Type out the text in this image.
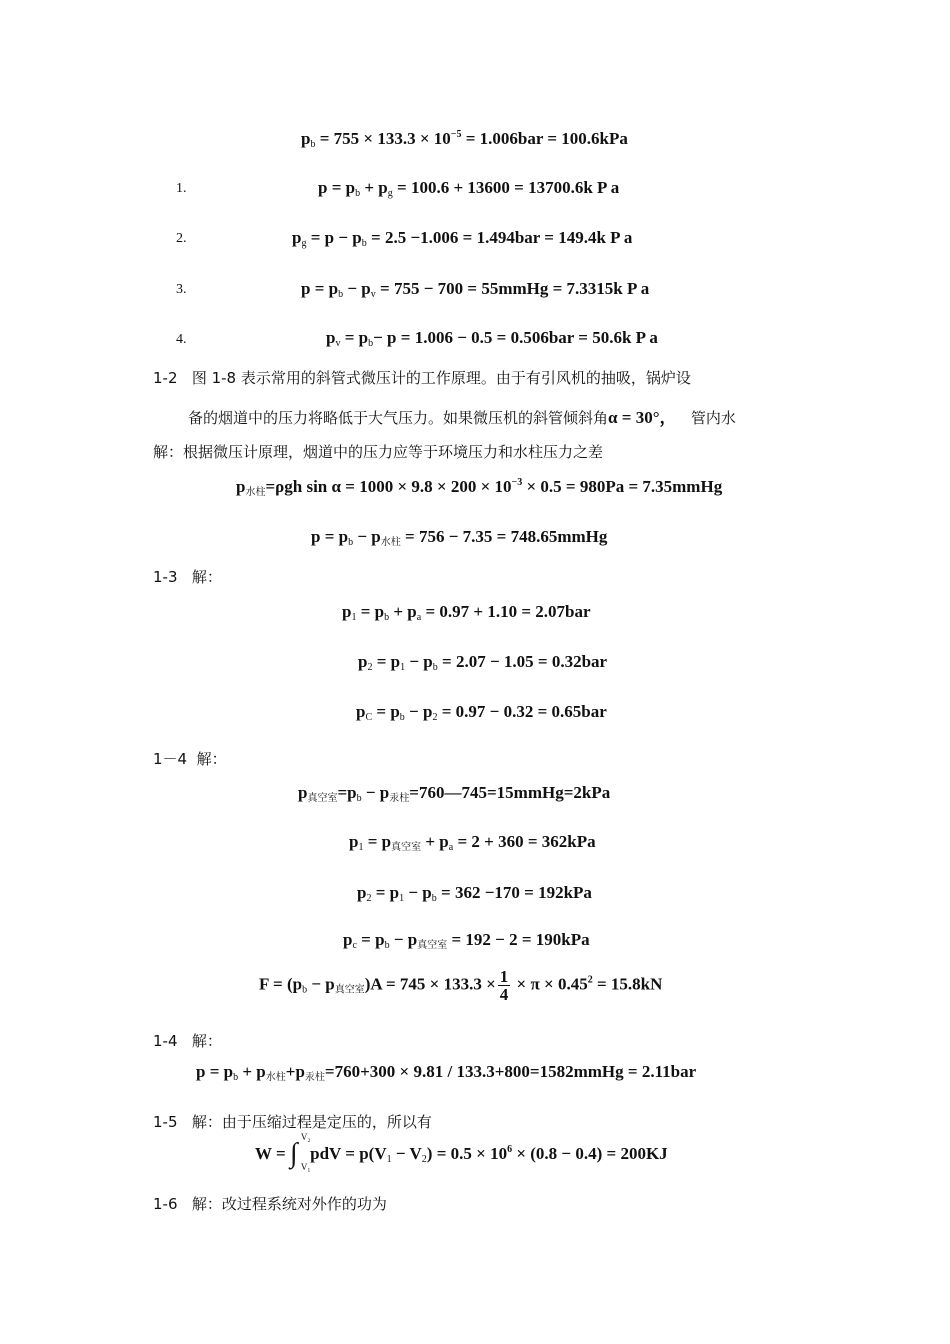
$p_b = 755 \times 133.3 \times 10^{-5} = 1.006bar = 100.6kPa$
1.	$p = p_b + p_g = 100.6 + 13600 = 13700.6k$ P a
2.	$p_g = p - p_b = 2.5 -1.006 = 1.494bar = 149.4k$ P a
3.	$p = p_b - p_v = 755 - 700$ = 55mmHg = 7.3315k P a
4.	$p_v = p_b- p = 1.006 - 0.5 = 0.506bar = 50.6k$ P a
1-2 图 1-8 表示常用的斜管式微压计的工作原理。由于有引风机的抽吸，锅炉设
备的烟道中的压力将略低于大气压力。如果微压机的斜管倾斜角α = 30°， 管内水
解：根据微压计原理，烟道中的压力应等于环境压力和水柱压力之差
$p_{水柱}=\rho gh$ $\sin \alpha = 1000 \times 9.8 \times 200 \times 10^{-3} \times 0.5 = 980Pa$ = 7.35mmHg
$p = p_b - p_{水柱} = 756 - 7.35$ = 748.65mmHg
1-3 解：
$p_1 = p_b + p_a = 0.97 + 1.10 = 2.07bar$
$p_2 = p_1 - p_b = 2.07 - 1.05 = 0.32bar$
$p_C = p_b - p_2 = 0.97 - 0.32 = 0.65bar$
1－4 解：
$p_{真空室}=p_b$ − $p_{汞柱}=760—745=15mmHg=2kPa$
$p_1 = p_{真空室} + p_a = 2 + 360 = 362kPa$
$p_2 = p_1 - p_b = 362 -170 = 192kPa$
$p_c = p_b - p_{真空室} = 192 - 2 = 190kPa$
$F = (p_b - p_{真空室})A = 745 \times 133.3 \times \frac{1}{4} \times \pi \times 0.45^2 = 15.8kN$
1-4 解：
$p = p_b + p_{水柱}+p_{汞柱}=760+300 \times 9.81$ / 133.3+800=1582mmHg = 2.11bar
1-5 解：由于压缩过程是定压的，所以有
W = ∫
V₂
V₁
pdV = $p(V_1 - V_2) = 0.5 \times 10^6 \times (0.8 - 0.4) = 200KJ$
1-6 解：改过程系统对外作的功为
